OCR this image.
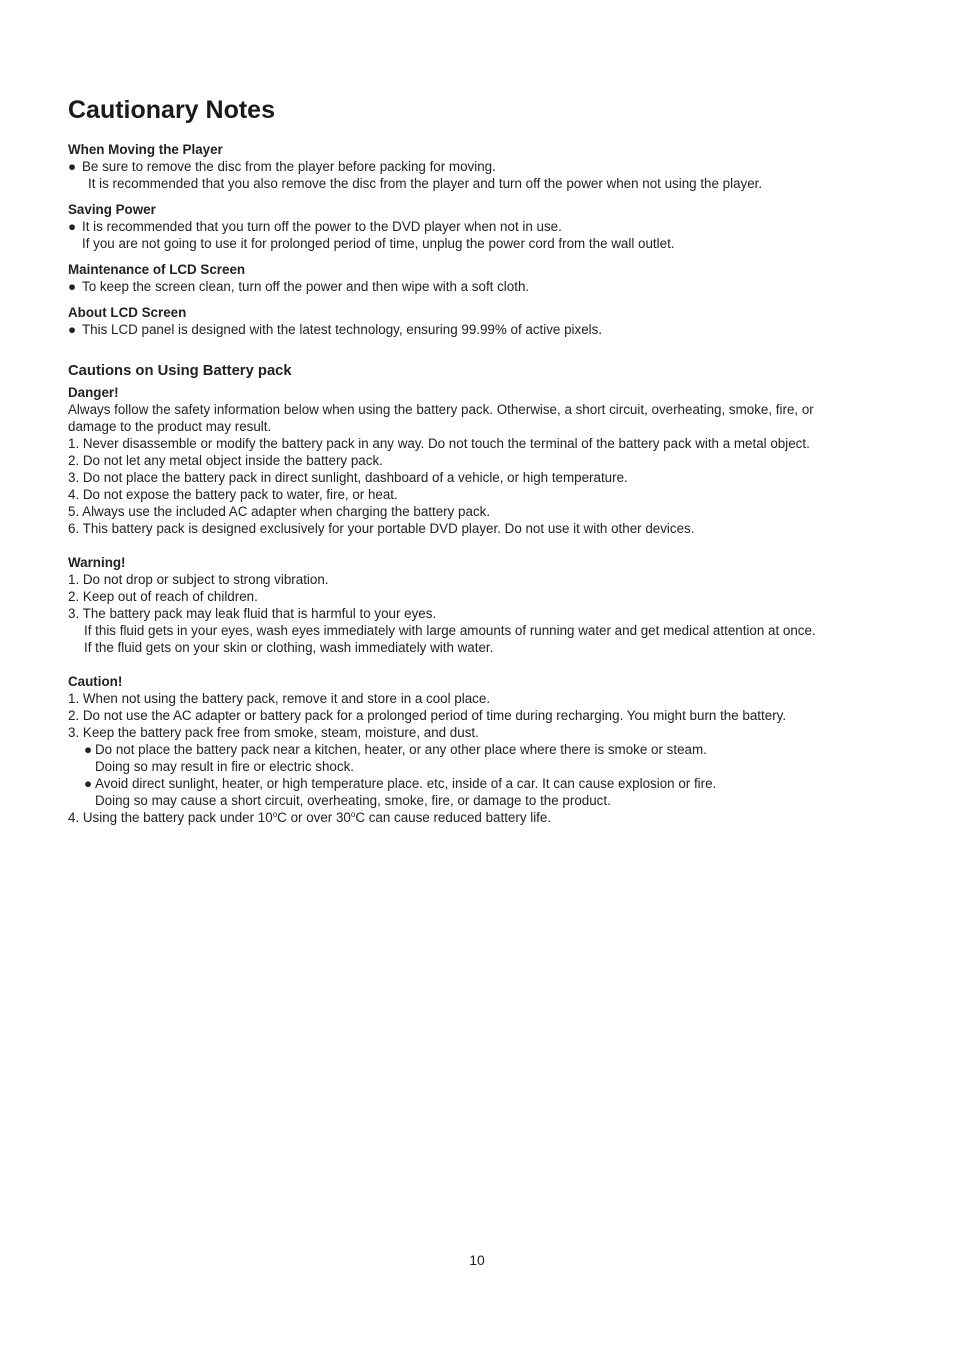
Cautionary Notes
When Moving the Player
● Be sure to remove the disc from the player before packing for moving.
It is recommended that you also remove the disc from the player and turn off the power when not using the player.
Saving Power
● It is recommended that you turn off the power to the DVD player when not in use.
If you are not going to use it for prolonged period of time, unplug the power cord from the wall outlet.
Maintenance of LCD Screen
● To keep the screen clean, turn off the power and then wipe with a soft cloth.
About LCD Screen
● This LCD panel is designed with the latest technology, ensuring 99.99% of active pixels.
Cautions on Using Battery pack
Danger!
Always follow the safety information below when using the battery pack. Otherwise, a short circuit, overheating, smoke, fire, or
damage to the product may result.
1. Never disassemble or modify the battery pack in any way. Do not touch the terminal of the battery pack with a metal object.
2. Do not let any metal object inside the battery pack.
3. Do not place the battery pack in direct sunlight, dashboard of a vehicle, or high temperature.
4. Do not expose the battery pack to water, fire, or heat.
5. Always use the included AC adapter when charging the battery pack.
6. This battery pack is designed exclusively for your portable DVD player. Do not use it with other devices.
Warning!
1. Do not drop or subject to strong vibration.
2. Keep out of reach of children.
3. The battery pack may leak fluid that is harmful to your eyes.
If this fluid gets in your eyes, wash eyes immediately with large amounts of running water and get medical attention at once.
If the fluid gets on your skin or clothing, wash immediately with water.
Caution!
1. When not using the battery pack, remove it and store in a cool place.
2. Do not use the AC adapter or battery pack for a prolonged period of time during recharging. You might burn the battery.
3. Keep the battery pack free from smoke, steam, moisture, and dust.
● Do not place the battery pack near a kitchen, heater, or any other place where there is smoke or steam.
Doing so may result in fire or electric shock.
● Avoid direct sunlight, heater, or high temperature place. etc, inside of a car. It can cause explosion or fire.
Doing so may cause a short circuit, overheating, smoke, fire, or damage to the product.
4. Using the battery pack under 10$^o$C or over 30$^o$C can cause reduced battery life.
10
